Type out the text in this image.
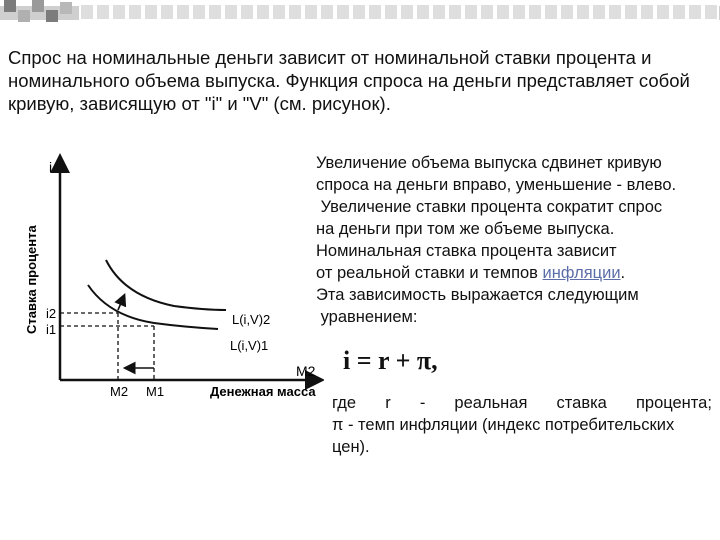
Спрос на номинальные деньги зависит от номинальной ставки процента и номинального объема выпуска. Функция спроса на деньги представляет собой кривую, зависящую от "i" и "V" (см. рисунок).

i
Ставка процента i2
i1
M2 M1
L(i,V)2
L(i,V)1
M2
Денежная масса
Увеличение объема выпуска сдвинет кривую
спроса на деньги вправо, уменьшение - влево.
Увеличение ставки процента сократит спрос
на деньги при том же объеме выпуска.
Номинальная ставка процента зависит
от реальной ставки и темпов инфляции.
Эта зависимость выражается следующим
уравнением:
i = r + π,
где r - реальная ставка процента;
π - темп инфляции (индекс потребительских
цен).
